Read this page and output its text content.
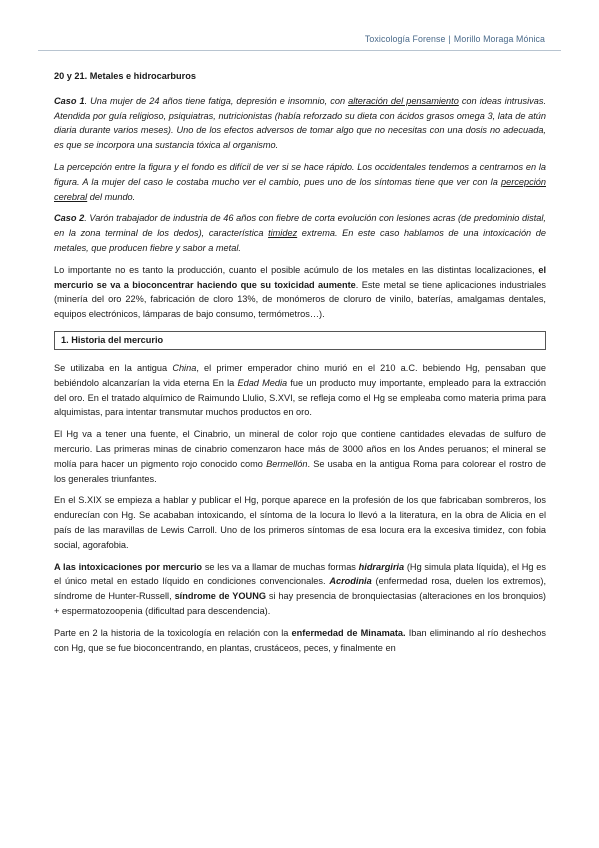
Toxicología Forense | Morillo Moraga Mónica

20 y 21. Metales e hidrocarburos

Caso 1. Una mujer de 24 años tiene fatiga, depresión e insomnio, con alteración del pensamiento con ideas intrusivas. Atendida por guía religioso, psiquiatras, nutricionistas (había reforzado su dieta con ácidos grasos omega 3, lata de atún diaria durante varios meses). Uno de los efectos adversos de tomar algo que no necesitas con una dosis no adecuada, es que se incorpora una sustancia tóxica al organismo.

La percepción entre la figura y el fondo es difícil de ver si se hace rápido. Los occidentales tendemos a centrarnos en la figura. A la mujer del caso le costaba mucho ver el cambio, pues uno de los síntomas tiene que ver con la percepción cerebral del mundo.

Caso 2. Varón trabajador de industria de 46 años con fiebre de corta evolución con lesiones acras (de predominio distal, en la zona terminal de los dedos), característica timidez extrema. En este caso hablamos de una intoxicación de metales, que producen fiebre y sabor a metal.

Lo importante no es tanto la producción, cuanto el posible acúmulo de los metales en las distintas localizaciones, el mercurio se va a bioconcentrar haciendo que su toxicidad aumente. Este metal se tiene aplicaciones industriales (minería del oro 22%, fabricación de cloro 13%, de monómeros de cloruro de vinilo, baterías, amalgamas dentales, equipos electrónicos, lámparas de bajo consumo, termómetros…).

1. Historia del mercurio

Se utilizaba en la antigua China, el primer emperador chino murió en el 210 a.C. bebiendo Hg, pensaban que bebiéndolo alcanzarían la vida eterna En la Edad Media fue un producto muy importante, empleado para la extracción del oro. En el tratado alquímico de Raimundo Llulio, S.XVI, se refleja como el Hg se empleaba como materia prima para alquimistas, para intentar transmutar muchos productos en oro.

El Hg va a tener una fuente, el Cinabrio, un mineral de color rojo que contiene cantidades elevadas de sulfuro de mercurio. Las primeras minas de cinabrio comenzaron hace más de 3000 años en los Andes peruanos; el mineral se molía para hacer un pigmento rojo conocido como Bermellón. Se usaba en la antigua Roma para colorear el rostro de los generales triunfantes.

En el S.XIX se empieza a hablar y publicar el Hg, porque aparece en la profesión de los que fabricaban sombreros, los endurecían con Hg. Se acababan intoxicando, el síntoma de la locura lo llevó a la literatura, en la obra de Alicia en el país de las maravillas de Lewis Carroll. Uno de los primeros síntomas de esa locura era la excesiva timidez, con fobia social, agorafobia.

A las intoxicaciones por mercurio se les va a llamar de muchas formas hidrargiria (Hg simula plata líquida), el Hg es el único metal en estado líquido en condiciones convencionales. Acrodinia (enfermedad rosa, duelen los extremos), síndrome de Hunter-Russell, síndrome de YOUNG si hay presencia de bronquiectasias (alteraciones en los bronquios) + espermatozoopenia (dificultad para descendencia).

Parte en 2 la historia de la toxicología en relación con la enfermedad de Minamata. Iban eliminando al río deshechos con Hg, que se fue bioconcentrando, en plantas, crustáceos, peces, y finalmente en
